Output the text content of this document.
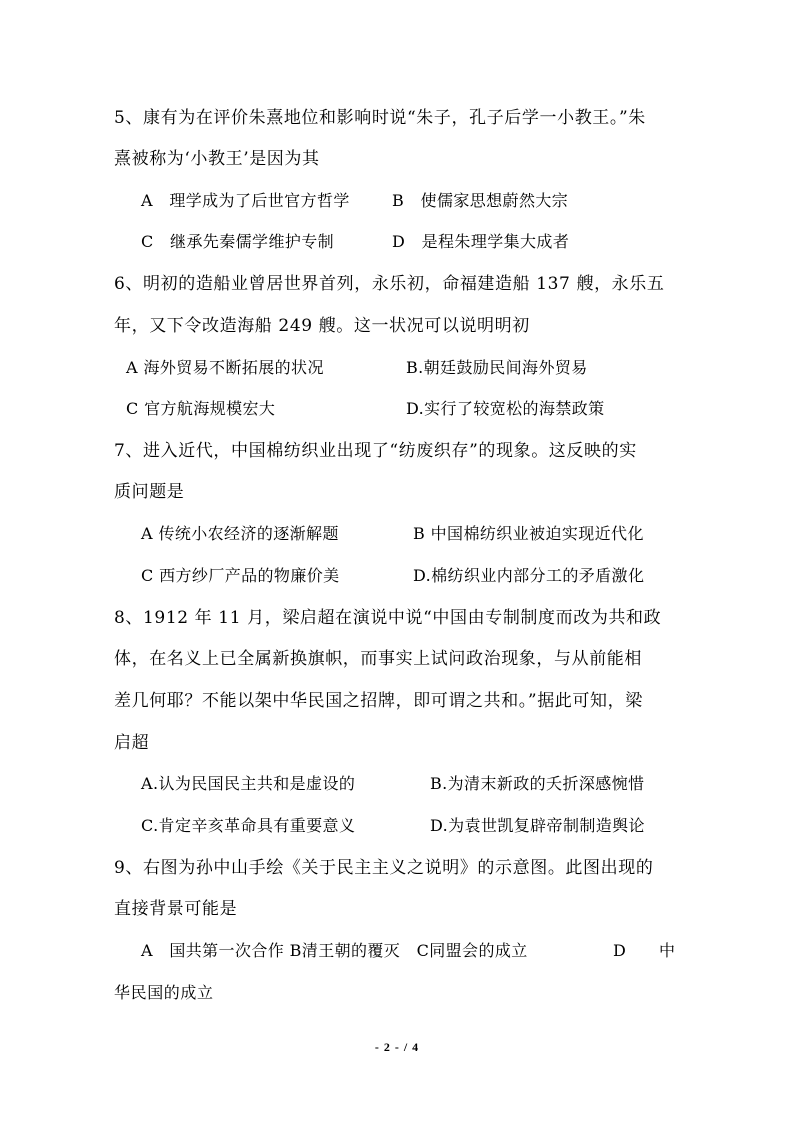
5、康有为在评价朱熹地位和影响时说“朱子，孔子后学一小教王。”朱
熹被称为‘小教王’是因为其
A　理学成为了后世官方哲学	B　使儒家思想蔚然大宗
C　继承先秦儒学维护专制	D　是程朱理学集大成者
6、明初的造船业曾居世界首列，永乐初，命福建造船 137 艘，永乐五
年，又下令改造海船 249 艘。这一状况可以说明明初
A 海外贸易不断拓展的状况	B.朝廷鼓励民间海外贸易
C 官方航海规模宏大	D.实行了较宽松的海禁政策
7、进入近代，中国棉纺织业出现了“纺废织存”的现象。这反映的实
质问题是
A 传统小农经济的逐渐解题	B 中国棉纺织业被迫实现近代化
C 西方纱厂产品的物廉价美	D.棉纺织业内部分工的矛盾激化
8、1912 年 11 月，梁启超在演说中说“中国由专制制度而改为共和政
体，在名义上已全属新换旗帜，而事实上试问政治现象，与从前能相
差几何耶？不能以架中华民国之招牌，即可谓之共和。”据此可知，梁
启超
A.认为民国民主共和是虚设的	B.为清末新政的夭折深感惋惜
C.肯定辛亥革命具有重要意义	D.为袁世凯复辟帝制制造舆论
9、右图为孙中山手绘《关于民主主义之说明》的示意图。此图出现的
直接背景可能是
A　国共第一次合作 B清王朝的覆灭　C同盟会的成立	D　　中
华民国的成立
- 2 - / 4
